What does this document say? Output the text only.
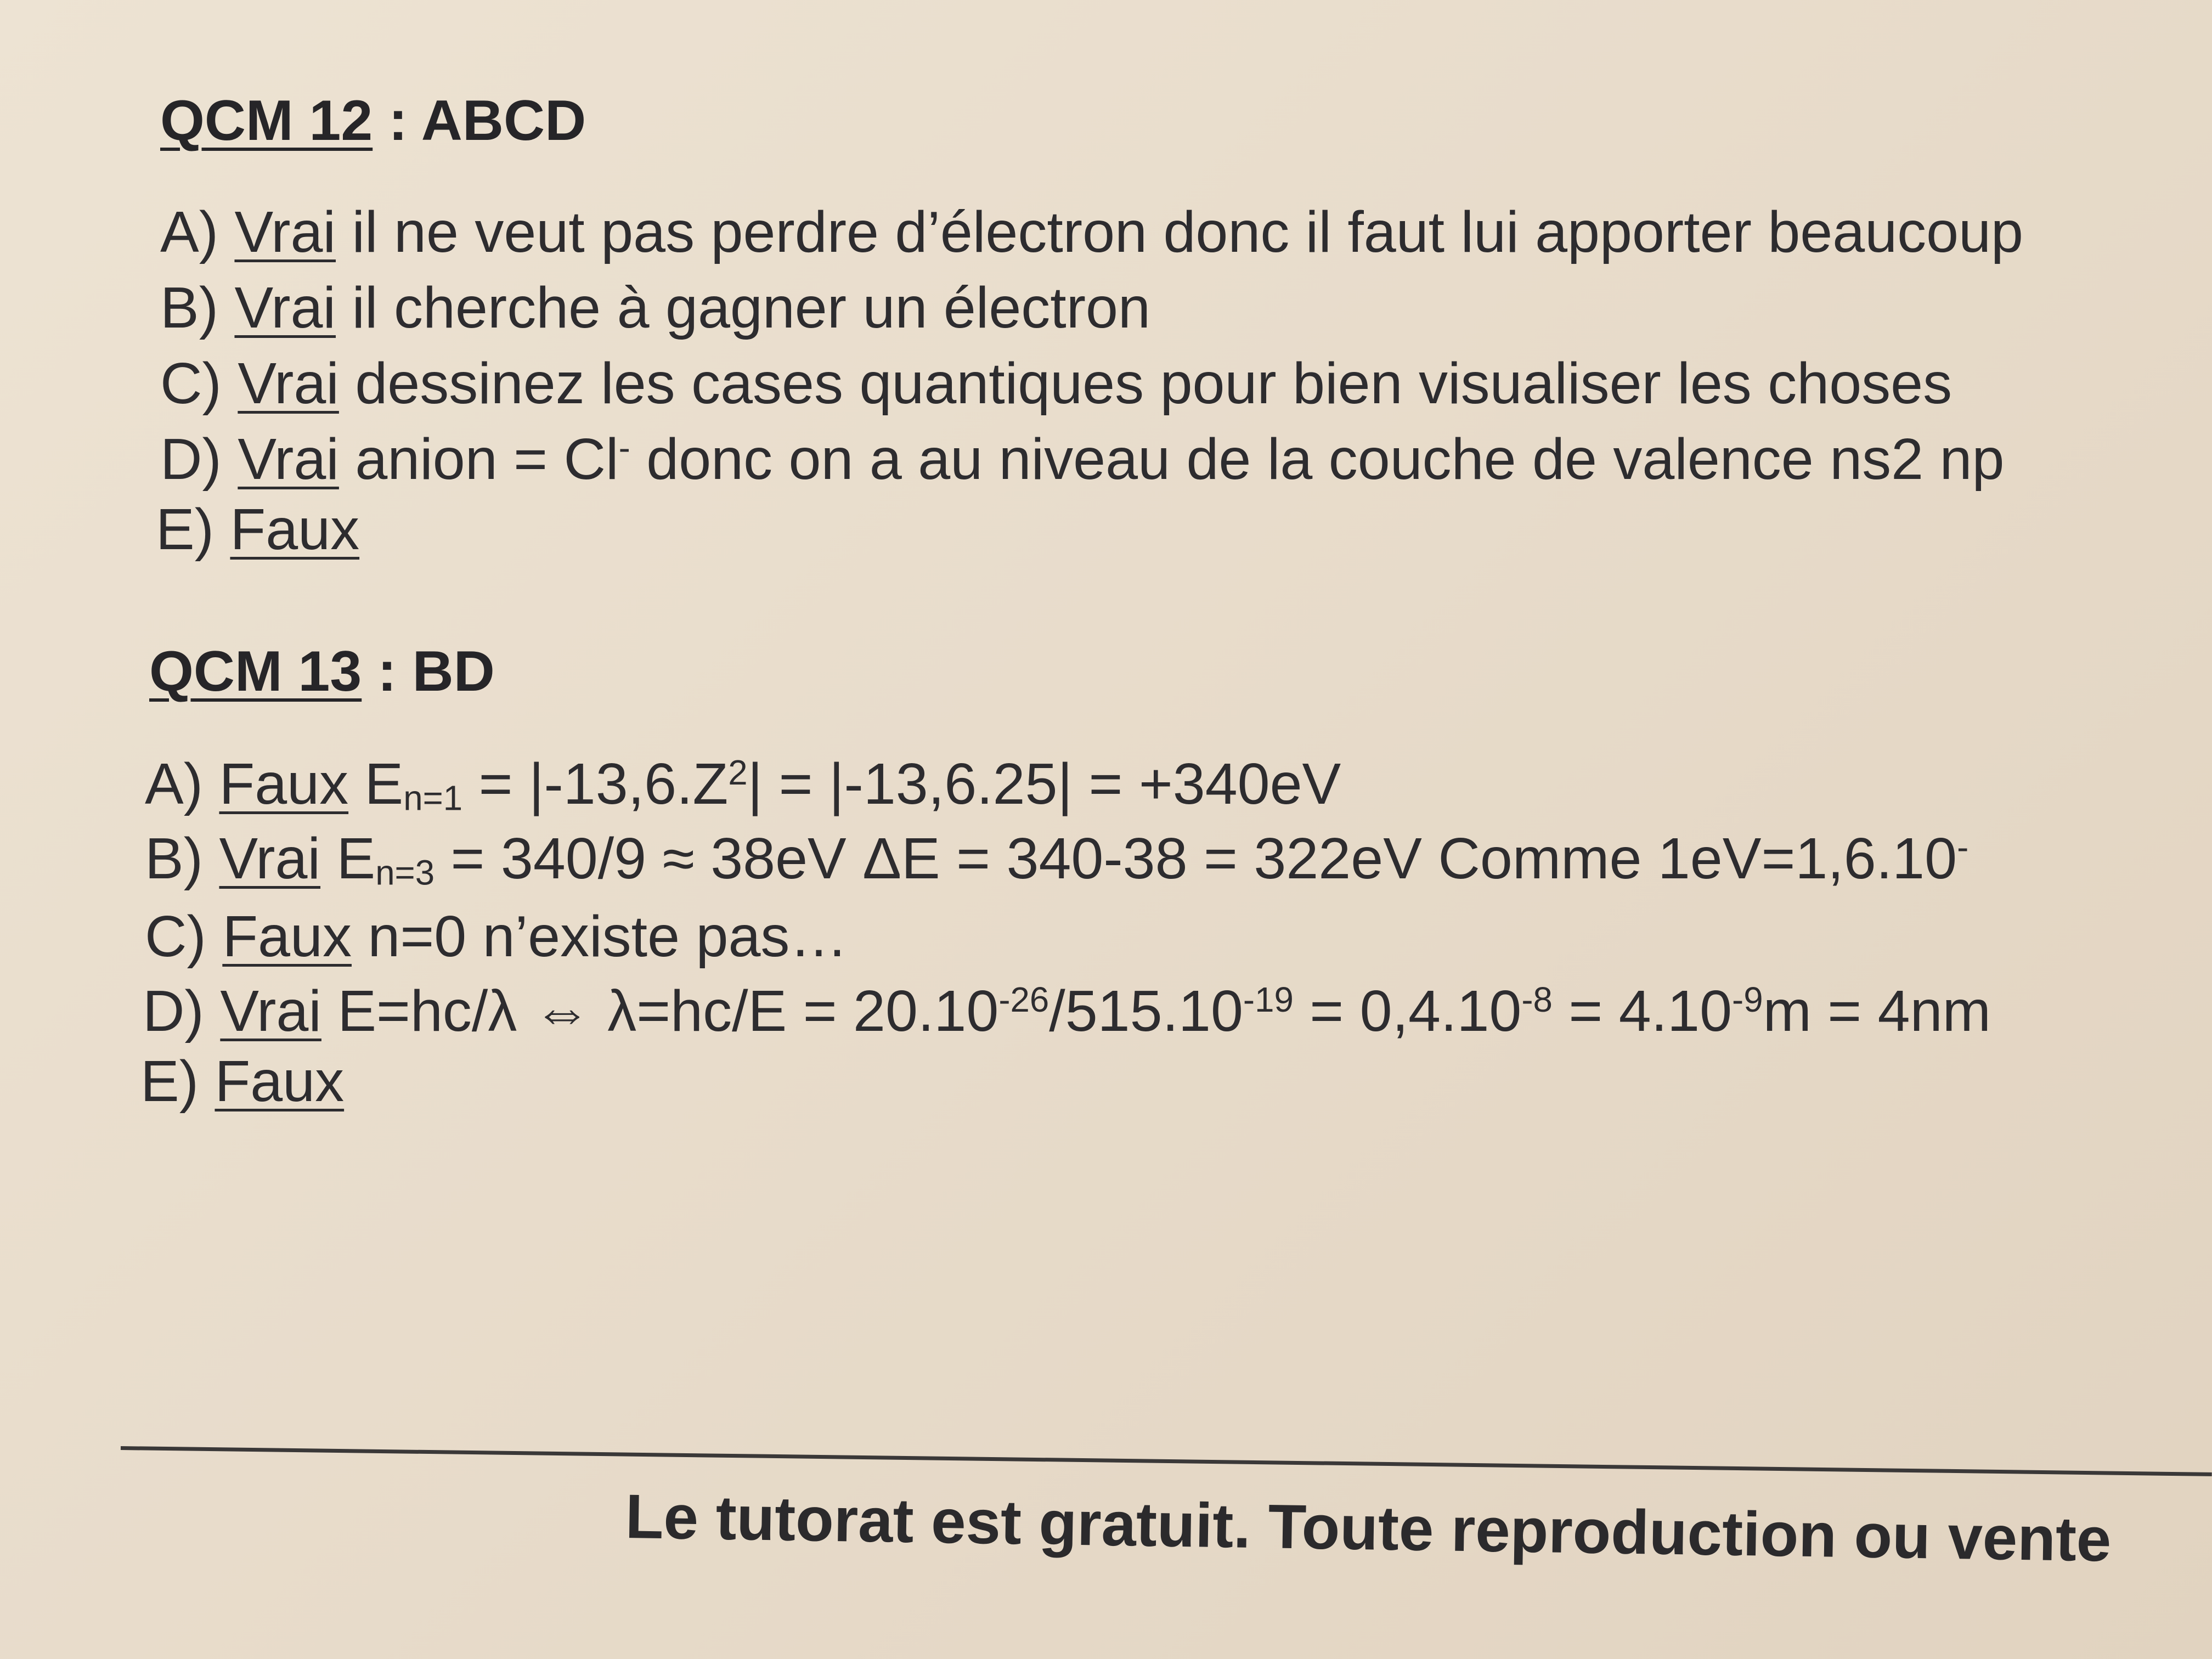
QCM 12 : ABCD
A) Vrai il ne veut pas perdre d’électron donc il faut lui apporter beaucoup
B) Vrai il cherche à gagner un électron
C) Vrai dessinez les cases quantiques pour bien visualiser les choses
D) Vrai anion = Cl- donc on a au niveau de la couche de valence ns2 np
E) Faux
QCM 13 : BD
A) Faux $E_{n=1} = |-13,6.Z^2| = |-13,6.25| = +340eV$
B) Vrai $E_{n=3} = 340/9 \approx 38eV$ ΔE = 340-38 = 322eV Comme 1eV=1,6.10-
C) Faux n=0 n’existe pas…
D) Vrai E=hc/λ ⇔ $\lambda=hc/E = 20.10^{-26}/515.10^{-19} = 0,4.10^{-8} = 4.10^{-9}m = 4nm$
E) Faux
Le tutorat est gratuit. Toute reproduction ou vente
